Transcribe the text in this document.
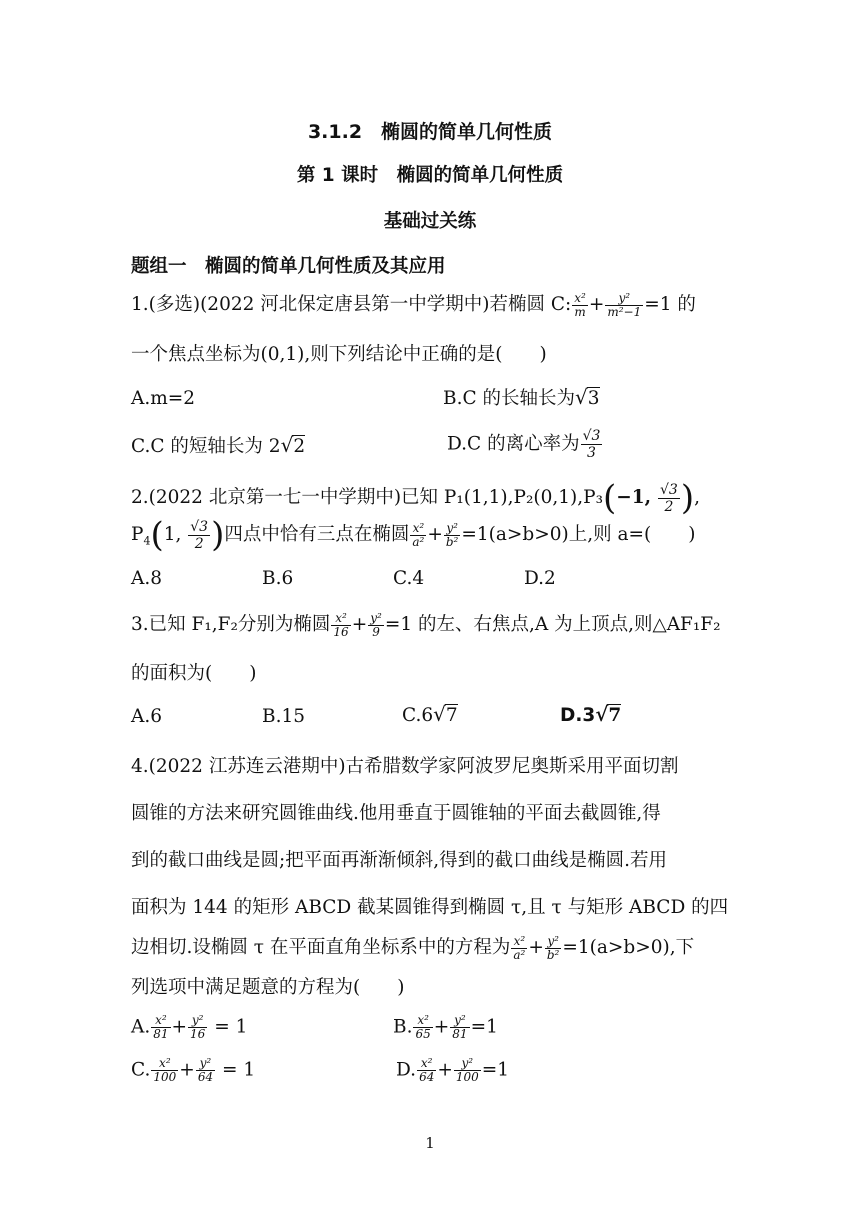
3.1.2　椭圆的简单几何性质
第 1 课时　椭圆的简单几何性质
基础过关练
题组一　椭圆的简单几何性质及其应用
1.(多选)(2022 河北保定唐县第一中学期中)若椭圆 C: $\frac{\text{x²}}{m} + \frac{\text{y²}}{\text{m²−1}} =1$ 的
一个焦点坐标为(0,1),则下列结论中正确的是(　　)
A.m=2	B.C 的长轴长为√3
C.C 的短轴长为 2√2	D.C 的离心率为 $\frac{√3}{3}$
2.(2022 北京第一七一中学期中)已知 P₁(1,1),P₂(0,1),P₃(−1, $\frac{√3}{2}$ ),
$P_4(1$, $\frac{√3}{2}$ )四点中恰有三点在椭圆 $\frac{\text{x²}}{\text{a²}} + \frac{\text{y²}}{\text{b²}} =1(a>b>0)$上,则 a=(　　)
A.8	B.6	C.4	D.2
3.已知 F₁,F₂分别为椭圆 $\frac{\text{x²}}{16} + \frac{\text{y²}}{9} =1$ 的左、右焦点,A 为上顶点,则△AF₁F₂
的面积为(　　)
A.6	B.15	C.6√7	D.3√7
4.(2022 江苏连云港期中)古希腊数学家阿波罗尼奥斯采用平面切割
圆锥的方法来研究圆锥曲线.他用垂直于圆锥轴的平面去截圆锥,得
到的截口曲线是圆;把平面再渐渐倾斜,得到的截口曲线是椭圆.若用
面积为 144 的矩形 ABCD 截某圆锥得到椭圆 τ,且 τ 与矩形 ABCD 的四
边相切.设椭圆 τ 在平面直角坐标系中的方程为 $\frac{\text{x²}}{\text{a²}} + \frac{\text{y²}}{\text{b²}} =1(a>b>0)$,下
列选项中满足题意的方程为(　　)
A. $\frac{\text{x²}}{81} + \frac{\text{y²}}{16} = 1$	B. $\frac{\text{x²}}{65} + \frac{\text{y²}}{81} =1$
C. $\frac{\text{x²}}{100} + \frac{\text{y²}}{64} = 1$	D. $\frac{\text{x²}}{64} + \frac{\text{y²}}{100} =1$
1
